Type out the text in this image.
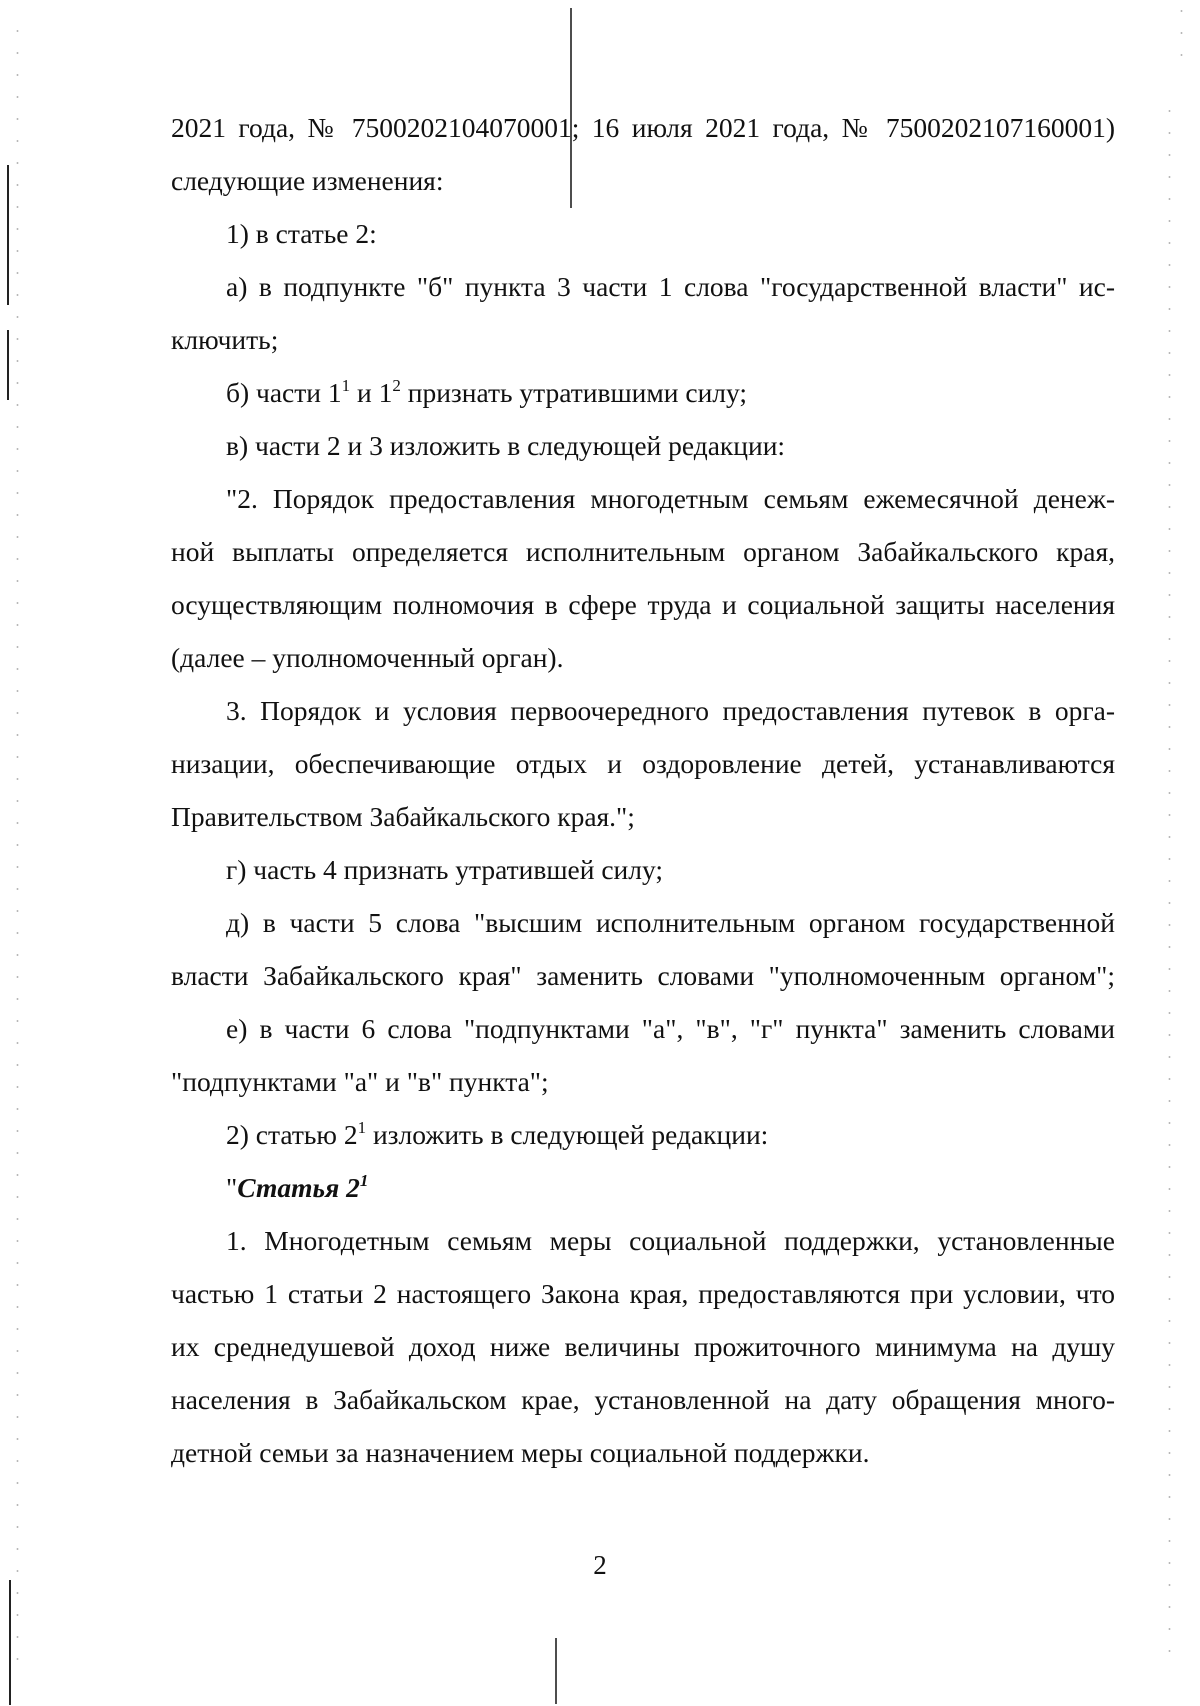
2021 года, № 7500202104070001; 16 июля 2021 года, № 7500202107160001)
следующие изменения:
1) в статье 2:
а) в подпункте "б" пункта 3 части 1 слова "государственной власти" ис-
ключить;
б) части $1^1$ и $1^2$ признать утратившими силу;
в) части 2 и 3 изложить в следующей редакции:
"2. Порядок предоставления многодетным семьям ежемесячной денеж-
ной выплаты определяется исполнительным органом Забайкальского края,
осуществляющим полномочия в сфере труда и социальной защиты населения
(далее – уполномоченный орган).
3. Порядок и условия первоочередного предоставления путевок в орга-
низации, обеспечивающие отдых и оздоровление детей, устанавливаются
Правительством Забайкальского края.";
г) часть 4 признать утратившей силу;
д) в части 5 слова "высшим исполнительным органом государственной
власти Забайкальского края" заменить словами "уполномоченным органом";
е) в части 6 слова "подпунктами "а", "в", "г" пункта" заменить словами
"подпунктами "а" и "в" пункта";
2) статью $2^1$ изложить в следующей редакции:
"Статья $2^1$
1. Многодетным семьям меры социальной поддержки, установленные
частью 1 статьи 2 настоящего Закона края, предоставляются при условии, что
их среднедушевой доход ниже величины прожиточного минимума на душу
населения в Забайкальском крае, установленной на дату обращения много-
детной семьи за назначением меры социальной поддержки.
2
